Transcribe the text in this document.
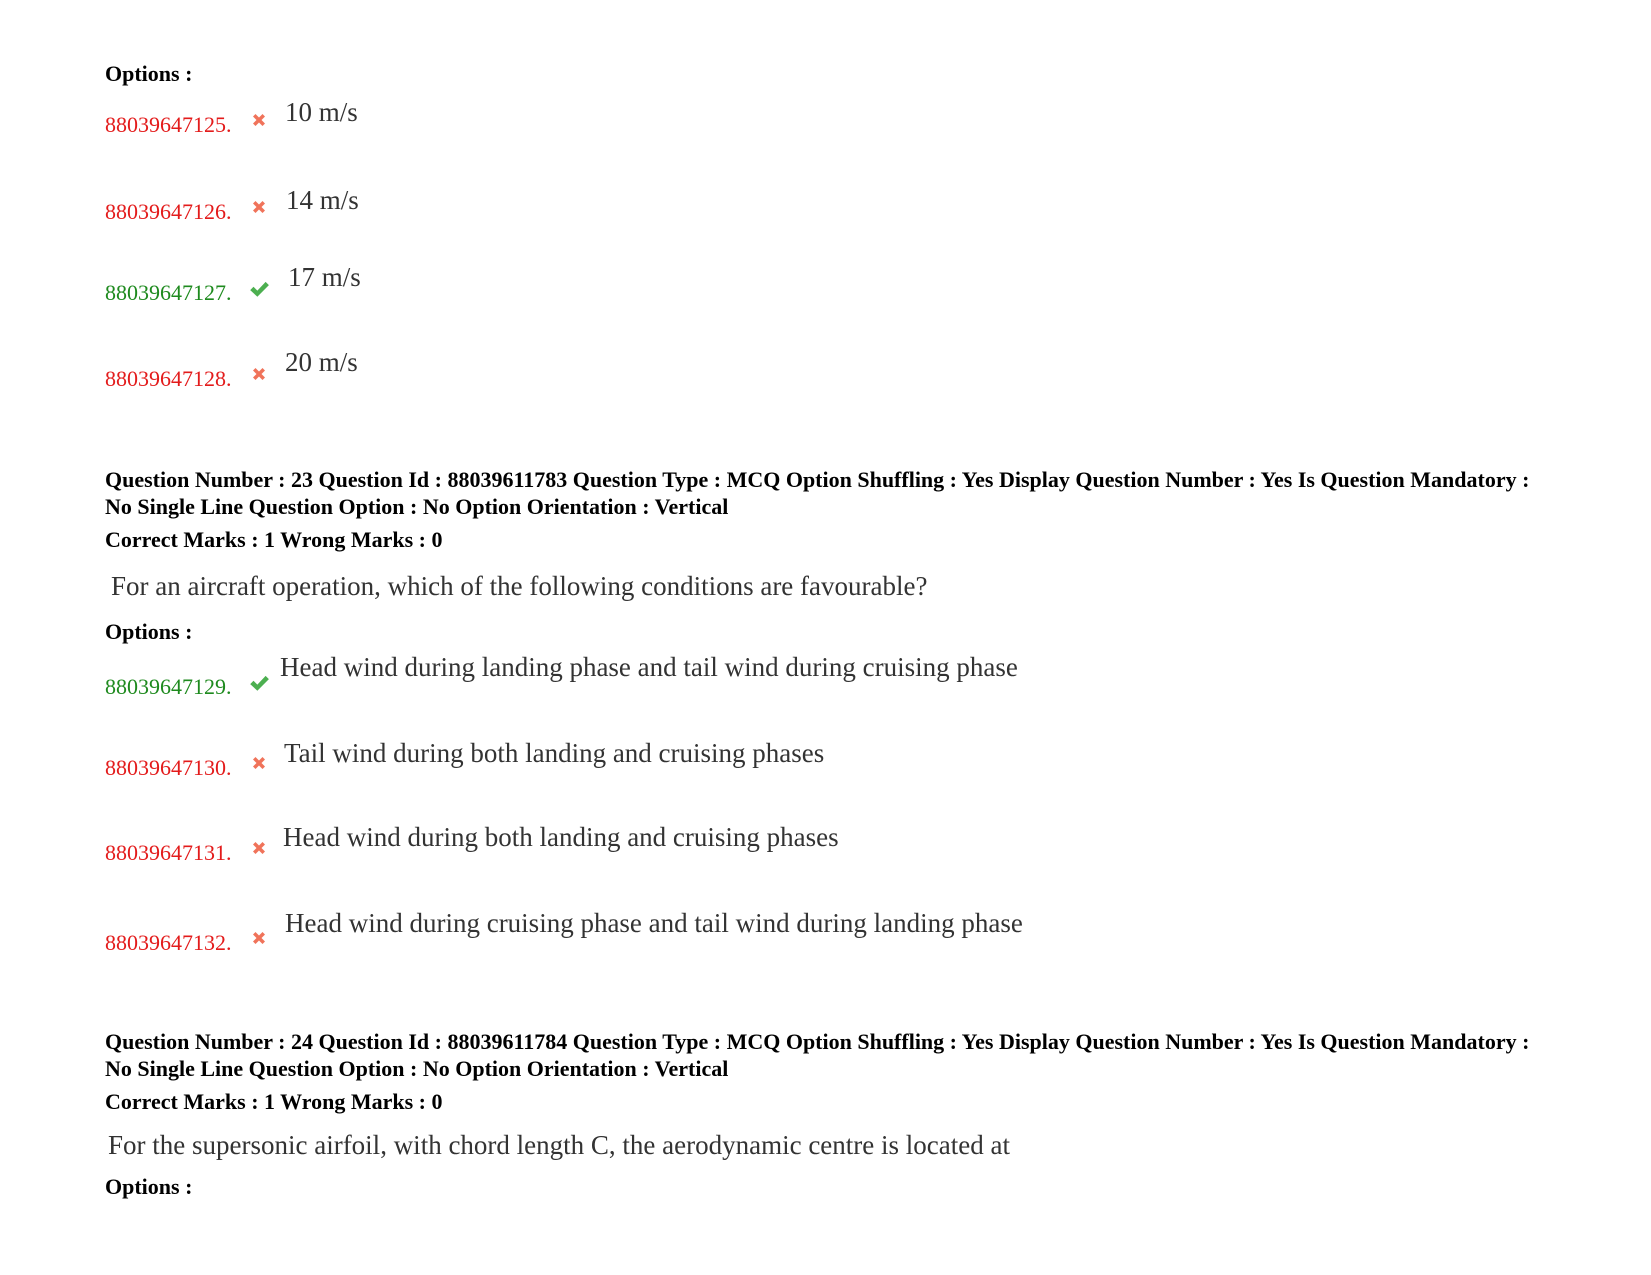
Options :
88039647125. 10 m/s
88039647126. 14 m/s
88039647127.
17 m/s
88039647128.
20 m/s
Question Number : 23 Question Id : 88039611783 Question Type : MCQ Option Shuffling : Yes Display Question Number : Yes Is Question Mandatory : No Single Line Question Option : No Option Orientation : Vertical
Correct Marks : 1 Wrong Marks : 0
For an aircraft operation, which of the following conditions are favourable?
Options :
88039647129.
Head wind during landing phase and tail wind during cruising phase
88039647130. Tail wind during both landing and cruising phases
88039647131.
Head wind during both landing and cruising phases
88039647132.
Head wind during cruising phase and tail wind during landing phase
Question Number : 24 Question Id : 88039611784 Question Type : MCQ Option Shuffling : Yes Display Question Number : Yes Is Question Mandatory : No Single Line Question Option : No Option Orientation : Vertical
Correct Marks : 1 Wrong Marks : 0
For the supersonic airfoil, with chord length C, the aerodynamic centre is located at
Options :
